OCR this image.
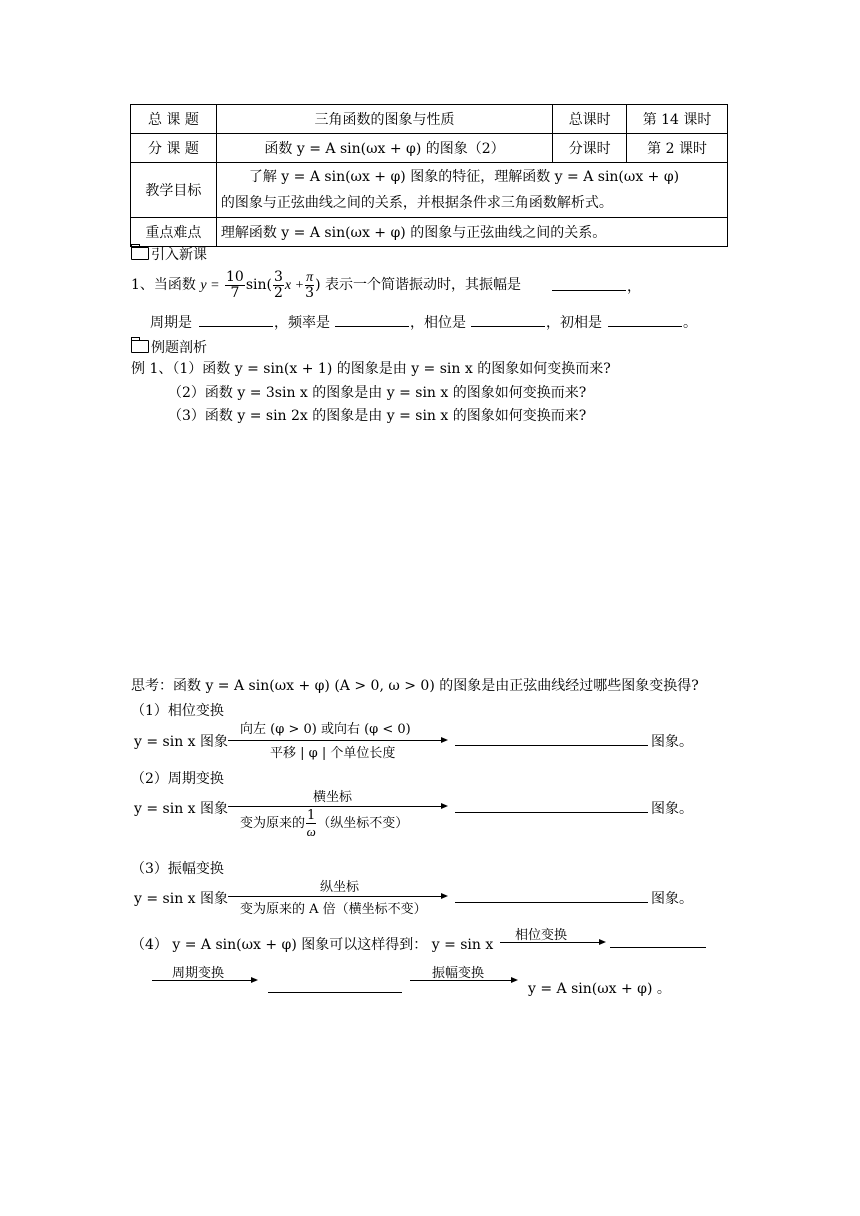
总 课 题	三角函数的图象与性质	总课时	第 14 课时
分 课 题	函数 y = A sin(ωx + φ) 的图象（2）	分课时	第 2 课时
教学目标	了解 y = A sin(ωx + φ) 图象的特征，理解函数 y = A sin(ωx + φ)
的图象与正弦曲线之间的关系，并根据条件求三角函数解析式。		

重点难点	理解函数 y = A sin(ωx + φ) 的图象与正弦曲线之间的关系。		
引入新课
1、当函数 $y = \frac{10}{7} \sin( \frac{3}{2}$ $x + \frac{\pi}{3}$ ) 表示一个简谐振动时，其振幅是	，
周期是	，频率是	，相位是	，初相是	。
例题剖析
例 1、（1）函数 y = sin(x + 1) 的图象是由 y = sin x 的图象如何变换而来?
（2）函数 y = 3sin x 的图象是由 y = sin x 的图象如何变换而来?
（3）函数 y = sin 2x 的图象是由 y = sin x 的图象如何变换而来?
思考：函数 y = A sin(ωx + φ) (A > 0, ω > 0) 的图象是由正弦曲线经过哪些图象变换得?
（1）相位变换
y = sin x 图象
向左 (φ > 0) 或向右 (φ < 0)
平移 | φ | 个单位长度
图象。
（2）周期变换
y = sin x 图象
横坐标
变为原来的 $\frac{1}{\omega}$ （纵坐标不变）
图象。
（3）振幅变换
y = sin x 图象
纵坐标
变为原来的 A 倍（横坐标不变）
图象。
（4） y = A sin(ωx + φ) 图象可以这样得到： y = sin x
相位变换
周期变换	振幅变换
y = A sin(ωx + φ) 。
